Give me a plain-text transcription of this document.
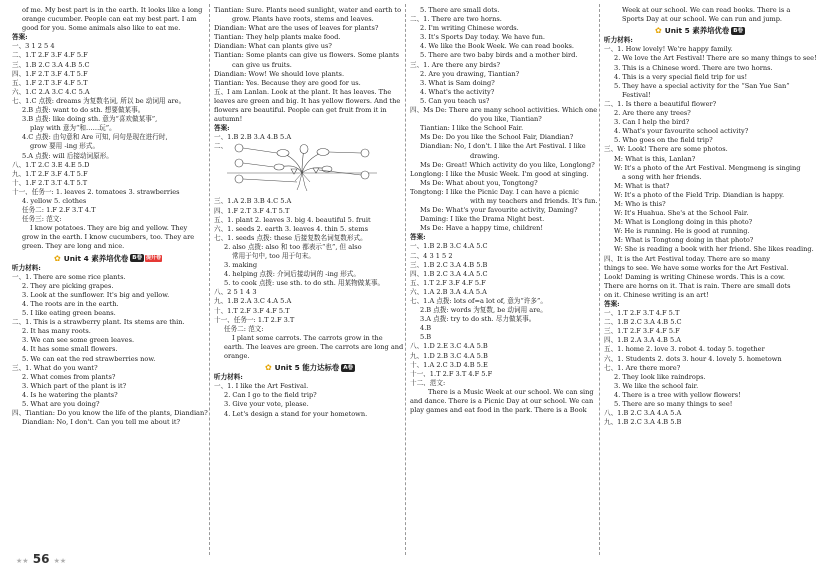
of me. My best part is in the earth. It looks like a long
orange cucumber. People can eat my best part. I am
good for you. Some animals also like to eat me.
答案:
一、3 1 2 5 4
二、1.T 2.F 3.F 4.F 5.F
三、1.B 2.C 3.A 4.B 5.C
四、1.F 2.T 3.F 4.T 5.F
五、1.F 2.T 3.F 4.F 5.T
六、1.C 2.A 3.C 4.C 5.A
七、1.C 点拨: dreams 为复数名词, 所以 be 动词用 are。
2.B 点拨: want to do sth. 想要做某事。
3.B 点拨: like doing sth. 意为“喜欢做某事”,
play with 意为“和……玩”。
4.C 点拨: 由句意和 Are 可知, 问句是现在进行时,
grow 要用 -ing 形式。
5.A 点拨: will 后接动词原形。
八、1.T 2.C 3.E 4.E 5.D
九、1.T 2.F 3.F 4.T 5.F
十、1.F 2.T 3.T 4.T 5.T
十一、任务一: 1. leaves 2. tomatoes 3. strawberries
4. yellow 5. clothes
任务二: 1.F 2.F 3.T 4.T
任务三: 范文:
I know potatoes. They are big and yellow. They
grow in the earth. I know cucumbers, too. They are
green. They are long and nice.
✿ Unit 4 素养培优卷 B卷 提升卷
听力材料:
一、1. There are some rice plants.
2. They are picking grapes.
3. Look at the sunflower. It's big and yellow.
4. The roots are in the earth.
5. I like eating green beans.
二、1. This is a strawberry plant. Its stems are thin.
2. It has many roots.
3. We can see some green leaves.
4. It has some small flowers.
5. We can eat the red strawberries now.
三、1. What do you want?
2. What comes from plants?
3. Which part of the plant is it?
4. Is he watering the plants?
5. What are you doing?
四、Tiantian: Do you know the life of the plants, Diandian?
Diandian: No, I don't. Can you tell me about it?
Tiantian: Sure. Plants need sunlight, water and earth to
grow. Plants have roots, stems and leaves.
Diandian: What are the uses of leaves for plants?
Tiantian: They help plants make food.
Diandian: What can plants give us?
Tiantian: Some plants can give us flowers. Some plants
can give us fruits.
Diandian: Wow! We should love plants.
Tiantian: Yes. Because they are good for us.
五、I am Lanlan. Look at the plant. It has leaves. The
leaves are green and big. It has yellow flowers. And the
flowers are beautiful. People can get fruit from it in
autumn!
答案:
一、1.B 2.B 3.A 4.B 5.A
二、
三、1.A 2.B 3.B 4.C 5.A
四、1.F 2.T 3.F 4.T 5.T
五、1. plant 2. leaves 3. big 4. beautiful 5. fruit
六、1. seeds 2. earth 3. leaves 4. thin 5. stems
七、1. seeds 点拨: these 后接复数名词复数形式。
2. also 点拨: also 和 too 都表示“也”, 但 also
常用于句中, too 用于句末。
3. making
4. helping 点拨: 介词后接动词的 -ing 形式。
5. to cook 点拨: use sth. to do sth. 用某物做某事。
八、2 5 1 4 3
九、1.B 2.A 3.C 4.A 5.A
十、1.T 2.F 3.F 4.F 5.T
十一、任务一: 1.T 2.F 3.T
任务二: 范文:
I plant some carrots. The carrots grow in the
earth. The leaves are green. The carrots are long and
orange.
✿ Unit 5 能力达标卷 A卷
听力材料:
一、1. I like the Art Festival.
2. Can I go to the field trip?
3. Give your vote, please.
4. Let's design a stand for your hometown.
5. There are small dots.
二、1. There are two horns.
2. I'm writing Chinese words.
3. It's Sports Day today. We have fun.
4. We like the Book Week. We can read books.
5. There are two baby birds and a mother bird.
三、1. Are there any birds?
2. Are you drawing, Tiantian?
3. What is Sam doing?
4. What's the activity?
5. Can you teach us?
四、Ms De: There are many school activities. Which one
do you like, Tiantian?
Tiantian: I like the School Fair.
Ms De: Do you like the School Fair, Diandian?
Diandian: No, I don't. I like the Art Festival. I like
drawing.
Ms De: Great! Which activity do you like, Longlong?
Longlong: I like the Music Week. I'm good at singing.
Ms De: What about you, Tongtong?
Tongtong: I like the Picnic Day. I can have a picnic
with my teachers and friends. It's fun.
Ms De: What's your favourite activity, Daming?
Daming: I like the Drama Night best.
Ms De: Have a happy time, children!
答案:
一、1.B 2.B 3.C 4.A 5.C
二、4 3 1 5 2
三、1.B 2.C 3.A 4.B 5.B
四、1.B 2.C 3.A 4.A 5.C
五、1.T 2.F 3.F 4.F 5.F
六、1.A 2.B 3.A 4.A 5.A
七、1.A 点拨: lots of=a lot of, 意为“许多”。
2.B 点拨: words 为复数, be 动词用 are。
3.A 点拨: try to do sth. 尽力做某事。
4.B
5.B
八、1.D 2.E 3.C 4.A 5.B
九、1.D 2.B 3.C 4.A 5.B
十、1.A 2.C 3.D 4.B 5.E
十一、1.T 2.F 3.T 4.F 5.F
十二、范文:
There is a Music Week at our school. We can sing
and dance. There is a Picnic Day at our school. We can
play games and eat food in the park. There is a Book
Week at our school. We can read books. There is a
Sports Day at our school. We can run and jump.
✿ Unit 5 素养培优卷 B卷
听力材料:
一、1. How lovely! We're happy family.
2. We love the Art Festival! There are so many things to see!
3. This is a Chinese word. There are two horns.
4. This is a very special field trip for us!
5. They have a special activity for the “San Yue San”
Festival!
二、1. Is there a beautiful flower?
2. Are there any trees?
3. Can I help the bird?
4. What's your favourite school activity?
5. Who goes on the field trip?
三、W: Look! There are some photos.
M: What is this, Lanlan?
W: It's a photo of the Art Festival. Mengmeng is singing
a song with her friends.
M: What is that?
W: It's a photo of the Field Trip. Diandian is happy.
M: Who is this?
W: It's Huahua. She's at the School Fair.
M: What is Longlong doing in this photo?
W: He is running. He is good at running.
M: What is Tongtong doing in that photo?
W: She is reading a book with her friend. She likes reading.
四、It is the Art Festival today. There are so many
things to see. We have some works for the Art Festival.
Look! Daming is writing Chinese words. This is a cow.
There are horns on it. That is rain. There are small dots
on it. Chinese writing is an art!
答案:
一、1.T 2.F 3.T 4.F 5.T
二、1.B 2.C 3.A 4.B 5.C
三、1.T 2.F 3.F 4.F 5.F
四、1.B 2.A 3.A 4.B 5.A
五、1. home 2. love 3. robot 4. today 5. together
六、1. Students 2. dots 3. hour 4. lovely 5. hometown
七、1. Are there more?
2. They look like raindrops.
3. We like the school fair.
4. There is a tree with yellow flowers!
5. There are so many things to see!
八、1.B 2.C 3.A 4.A 5.A
九、1.B 2.C 3.A 4.B 5.B
★★ 56 ★★
